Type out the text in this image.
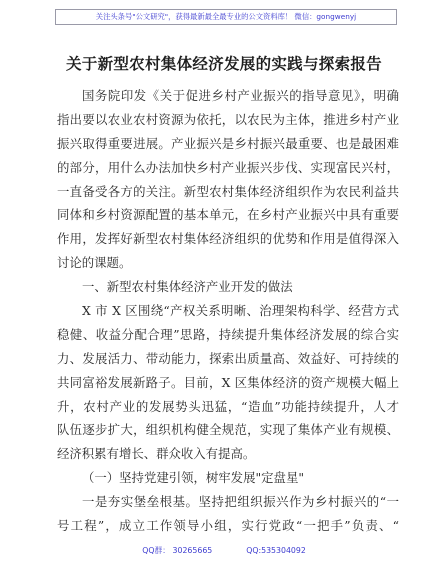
关注头条号"公文研究"，获得最新最全最专业的公文资料库！ 微信：gongwenyj
关于新型农村集体经济发展的实践与探索报告
国务院印发《关于促进乡村产业振兴的指导意见》，明确
指出要以农业农村资源为依托，以农民为主体，推进乡村产业
振兴取得重要进展。产业振兴是乡村振兴最重要、也是最困难
的部分，用什么办法加快乡村产业振兴步伐、实现富民兴村，
一直备受各方的关注。新型农村集体经济组织作为农民利益共
同体和乡村资源配置的基本单元，在乡村产业振兴中具有重要
作用，发挥好新型农村集体经济组织的优势和作用是值得深入
讨论的课题。
一、新型农村集体经济产业开发的做法
X 市 X 区围绕“产权关系明晰、治理架构科学、经营方式
稳健、收益分配合理”思路，持续提升集体经济发展的综合实
力、发展活力、带动能力，探索出质量高、效益好、可持续的
共同富裕发展新路子。目前，X 区集体经济的资产规模大幅上
升，农村产业的发展势头迅猛，“造血”功能持续提升，人才
队伍逐步扩大，组织机构健全规范，实现了集体产业有规模、
经济积累有增长、群众收入有提高。
（一）坚持党建引领，树牢发展"定盘星"
一是夯实堡垒根基。坚持把组织振兴作为乡村振兴的“一
号工程”，成立工作领导小组，实行党政“一把手”负责、“
QQ群： 30265665	QQ:535304092
